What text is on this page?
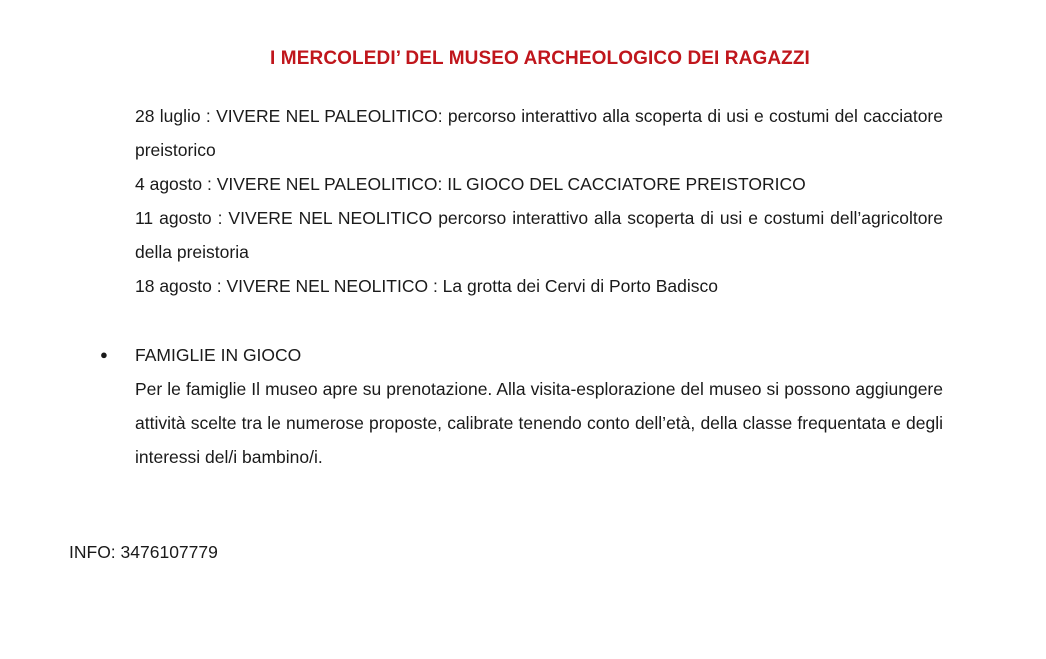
I MERCOLEDI’ DEL MUSEO ARCHEOLOGICO DEI RAGAZZI

28 luglio : VIVERE NEL PALEOLITICO: percorso interattivo alla scoperta di usi e costumi del cacciatore preistorico

4 agosto : VIVERE NEL PALEOLITICO: IL GIOCO DEL CACCIATORE PREISTORICO

11 agosto : VIVERE NEL NEOLITICO percorso interattivo alla scoperta di usi e costumi dell’agricoltore della preistoria

18 agosto : VIVERE NEL NEOLITICO : La grotta dei Cervi di Porto Badisco

●	FAMIGLIE IN GIOCO

Per le famiglie Il museo apre su prenotazione. Alla visita-esplorazione del museo si possono aggiungere attività scelte tra le numerose proposte, calibrate tenendo conto dell’età, della classe frequentata e degli interessi del/i bambino/i.

INFO: 3476107779
